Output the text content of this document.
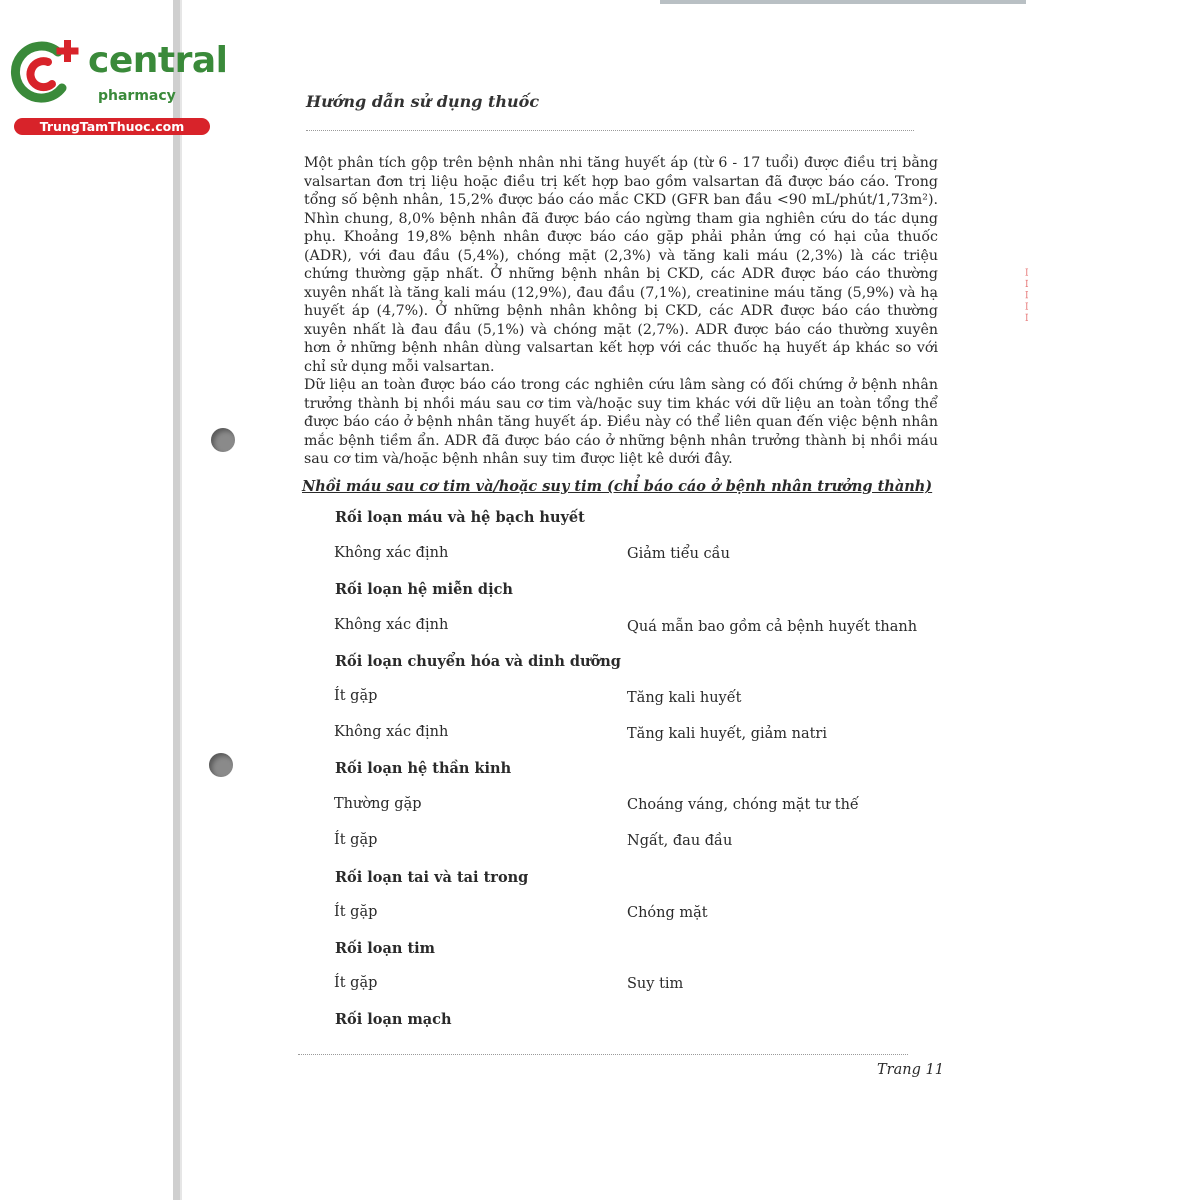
central
pharmacy
TrungTamThuoc.com
Hướng dẫn sử dụng thuốc
Một phân tích gộp trên bệnh nhân nhi tăng huyết áp (từ 6 - 17 tuổi) được điều trị bằng valsartan đơn trị liệu hoặc điều trị kết hợp bao gồm valsartan đã được báo cáo. Trong tổng số bệnh nhân, 15,2% được báo cáo mắc CKD (GFR ban đầu <90 mL/phút/1,73m²). Nhìn chung, 8,0% bệnh nhân đã được báo cáo ngừng tham gia nghiên cứu do tác dụng phụ. Khoảng 19,8% bệnh nhân được báo cáo gặp phải phản ứng có hại của thuốc (ADR), với đau đầu (5,4%), chóng mặt (2,3%) và tăng kali máu (2,3%) là các triệu chứng thường gặp nhất. Ở những bệnh nhân bị CKD, các ADR được báo cáo thường xuyên nhất là tăng kali máu (12,9%), đau đầu (7,1%), creatinine máu tăng (5,9%) và hạ huyết áp (4,7%). Ở những bệnh nhân không bị CKD, các ADR được báo cáo thường xuyên nhất là đau đầu (5,1%) và chóng mặt (2,7%). ADR được báo cáo thường xuyên hơn ở những bệnh nhân dùng valsartan kết hợp với các thuốc hạ huyết áp khác so với chỉ sử dụng mỗi valsartan.
Dữ liệu an toàn được báo cáo trong các nghiên cứu lâm sàng có đối chứng ở bệnh nhân trưởng thành bị nhồi máu sau cơ tim và/hoặc suy tim khác với dữ liệu an toàn tổng thể được báo cáo ở bệnh nhân tăng huyết áp. Điều này có thể liên quan đến việc bệnh nhân mắc bệnh tiềm ẩn. ADR đã được báo cáo ở những bệnh nhân trưởng thành bị nhồi máu sau cơ tim và/hoặc bệnh nhân suy tim được liệt kê dưới đây.
Nhồi máu sau cơ tim và/hoặc suy tim (chỉ báo cáo ở bệnh nhân trưởng thành)
Rối loạn máu và hệ bạch huyết
Không xác định	Giảm tiểu cầu
Rối loạn hệ miễn dịch
Không xác định	Quá mẫn bao gồm cả bệnh huyết thanh
Rối loạn chuyển hóa và dinh dưỡng
Ít gặp	Tăng kali huyết
Không xác định	Tăng kali huyết, giảm natri
Rối loạn hệ thần kinh
Thường gặp	Choáng váng, chóng mặt tư thế
Ít gặp	Ngất, đau đầu
Rối loạn tai và tai trong
Ít gặp	Chóng mặt
Rối loạn tim
Ít gặp	Suy tim
Rối loạn mạch
Trang 11
ꟷ ꟷ ꟷ ꟷ ꟷ
